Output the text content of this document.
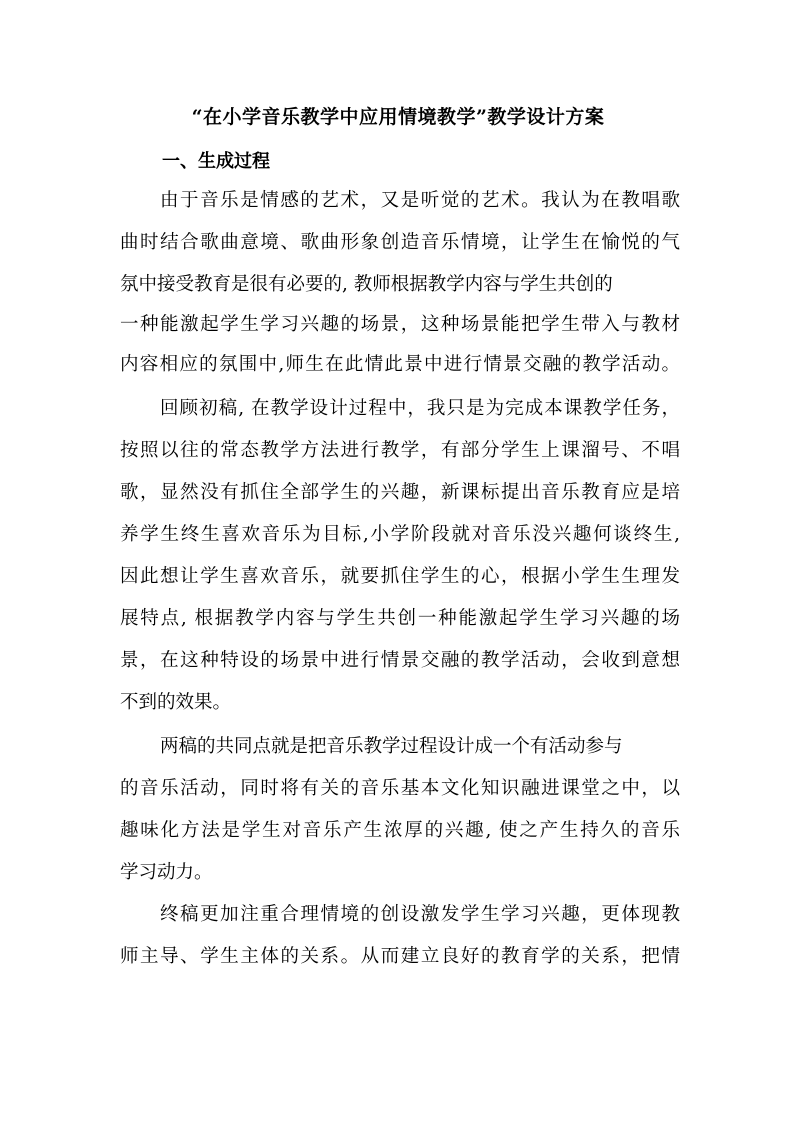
“在小学音乐教学中应用情境教学”教学设计方案
一、生成过程
由于音乐是情感的艺术，又是听觉的艺术。我认为在教唱歌
曲时结合歌曲意境、歌曲形象创造音乐情境，让学生在愉悦的气
氛中接受教育是很有必要的, 教师根据教学内容与学生共创的
一种能激起学生学习兴趣的场景，这种场景能把学生带入与教材
内容相应的氛围中,师生在此情此景中进行情景交融的教学活动。
回顾初稿, 在教学设计过程中，我只是为完成本课教学任务，
按照以往的常态教学方法进行教学，有部分学生上课溜号、不唱
歌，显然没有抓住全部学生的兴趣，新课标提出音乐教育应是培
养学生终生喜欢音乐为目标,小学阶段就对音乐没兴趣何谈终生,
因此想让学生喜欢音乐，就要抓住学生的心，根据小学生生理发
展特点, 根据教学内容与学生共创一种能激起学生学习兴趣的场
景，在这种特设的场景中进行情景交融的教学活动，会收到意想
不到的效果。
两稿的共同点就是把音乐教学过程设计成一个有活动参与
的音乐活动，同时将有关的音乐基本文化知识融进课堂之中，以
趣味化方法是学生对音乐产生浓厚的兴趣, 使之产生持久的音乐
学习动力。
终稿更加注重合理情境的创设激发学生学习兴趣，更体现教
师主导、学生主体的关系。从而建立良好的教育学的关系，把情
